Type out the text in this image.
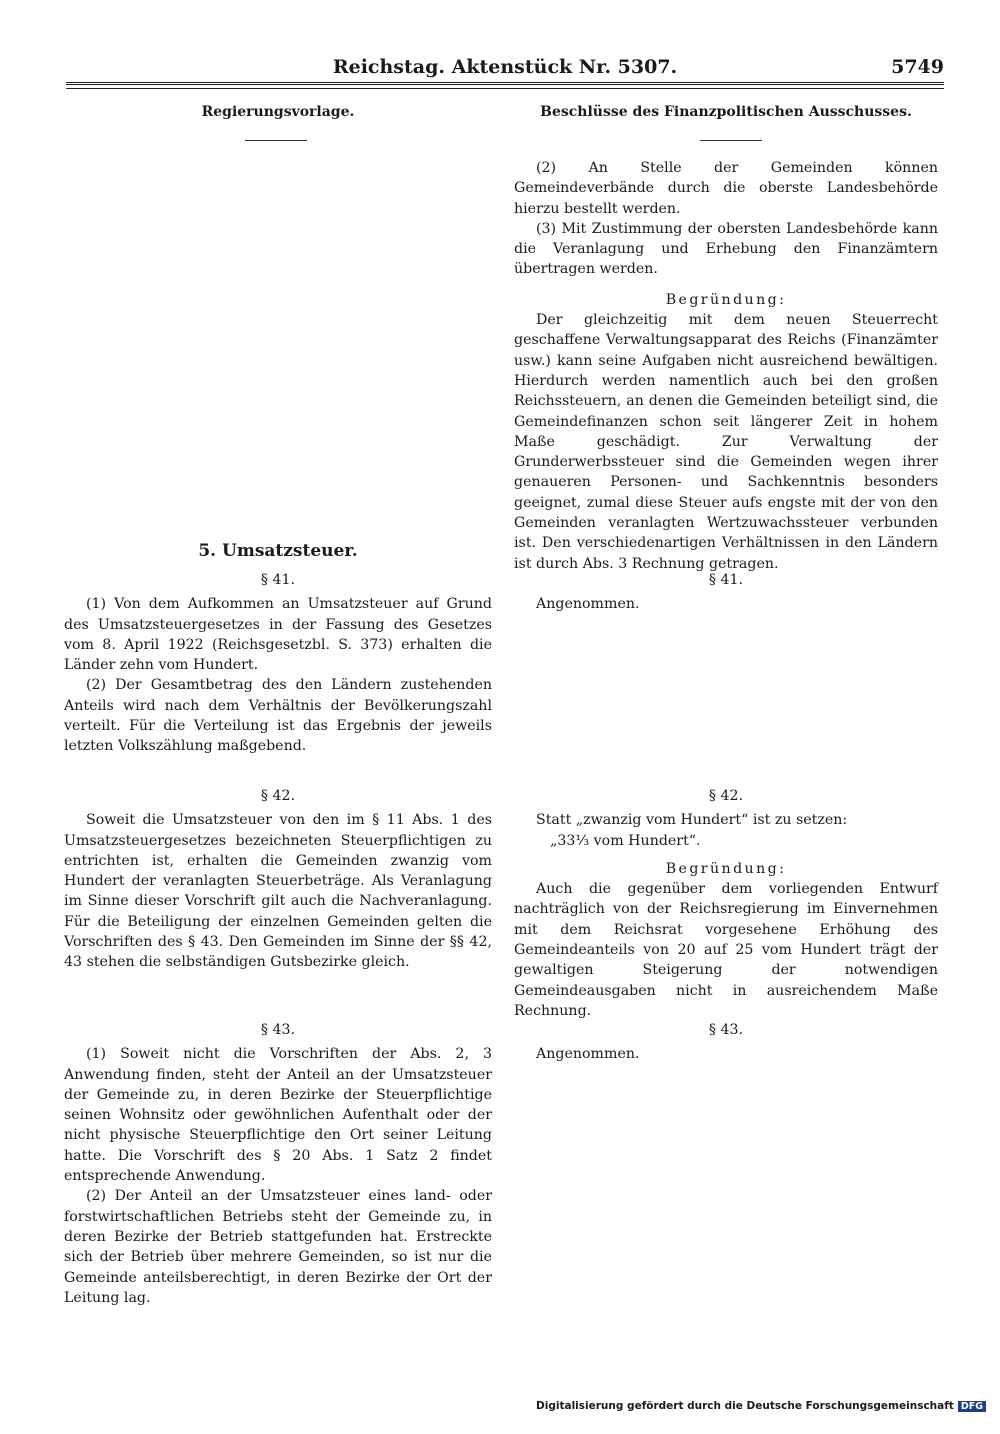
Reichstag. Aktenstück Nr. 5307.	5749
Regierungsvorlage.	Beschlüsse des Finanzpolitischen Ausschusses.

(2) An Stelle der Gemeinden können Gemeindeverbände durch die oberste Landesbehörde hierzu bestellt werden.

(3) Mit Zustimmung der obersten Landesbehörde kann die Veranlagung und Erhebung den Finanzämtern übertragen werden.

Begründung:

Der gleichzeitig mit dem neuen Steuerrecht geschaffene Verwaltungsapparat des Reichs (Finanzämter usw.) kann seine Aufgaben nicht ausreichend bewältigen. Hierdurch werden namentlich auch bei den großen Reichssteuern, an denen die Gemeinden beteiligt sind, die Gemeindefinanzen schon seit längerer Zeit in hohem Maße geschädigt. Zur Verwaltung der Grunderwerbssteuer sind die Gemeinden wegen ihrer genaueren Personen- und Sachkenntnis besonders geeignet, zumal diese Steuer aufs engste mit der von den Gemeinden veranlagten Wertzuwachssteuer verbunden ist. Den verschiedenartigen Verhältnissen in den Ländern ist durch Abs. 3 Rechnung getragen.

5. Umsatzsteuer.

§ 41.

(1) Von dem Aufkommen an Umsatzsteuer auf Grund des Umsatzsteuergesetzes in der Fassung des Gesetzes vom 8. April 1922 (Reichsgesetzbl. S. 373) erhalten die Länder zehn vom Hundert.

(2) Der Gesamtbetrag des den Ländern zustehenden Anteils wird nach dem Verhältnis der Bevölkerungszahl verteilt. Für die Verteilung ist das Ergebnis der jeweils letzten Volkszählung maßgebend.

§ 42.

Soweit die Umsatzsteuer von den im § 11 Abs. 1 des Umsatzsteuergesetzes bezeichneten Steuerpflichtigen zu entrichten ist, erhalten die Gemeinden zwanzig vom Hundert der veranlagten Steuerbeträge. Als Veranlagung im Sinne dieser Vorschrift gilt auch die Nachveranlagung. Für die Beteiligung der einzelnen Gemeinden gelten die Vorschriften des § 43. Den Gemeinden im Sinne der §§ 42, 43 stehen die selbständigen Gutsbezirke gleich.

§ 43.

(1) Soweit nicht die Vorschriften der Abs. 2, 3 Anwendung finden, steht der Anteil an der Umsatzsteuer der Gemeinde zu, in deren Bezirke der Steuerpflichtige seinen Wohnsitz oder gewöhnlichen Aufenthalt oder der nicht physische Steuerpflichtige den Ort seiner Leitung hatte. Die Vorschrift des § 20 Abs. 1 Satz 2 findet entsprechende Anwendung.

(2) Der Anteil an der Umsatzsteuer eines land- oder forstwirtschaftlichen Betriebs steht der Gemeinde zu, in deren Bezirke der Betrieb stattgefunden hat. Erstreckte sich der Betrieb über mehrere Gemeinden, so ist nur die Gemeinde anteilsberechtigt, in deren Bezirke der Ort der Leitung lag.

§ 41.

Angenommen.

§ 42.

Statt „zwanzig vom Hundert“ ist zu setzen:

„33⅓ vom Hundert“.

Begründung:

Auch die gegenüber dem vorliegenden Entwurf nachträglich von der Reichsregierung im Einvernehmen mit dem Reichsrat vorgesehene Erhöhung des Gemeindeanteils von 20 auf 25 vom Hundert trägt der gewaltigen Steigerung der notwendigen Gemeindeausgaben nicht in ausreichendem Maße Rechnung.

§ 43.

Angenommen.

Digitalisierung gefördert durch die Deutsche Forschungsgemeinschaft DFG
